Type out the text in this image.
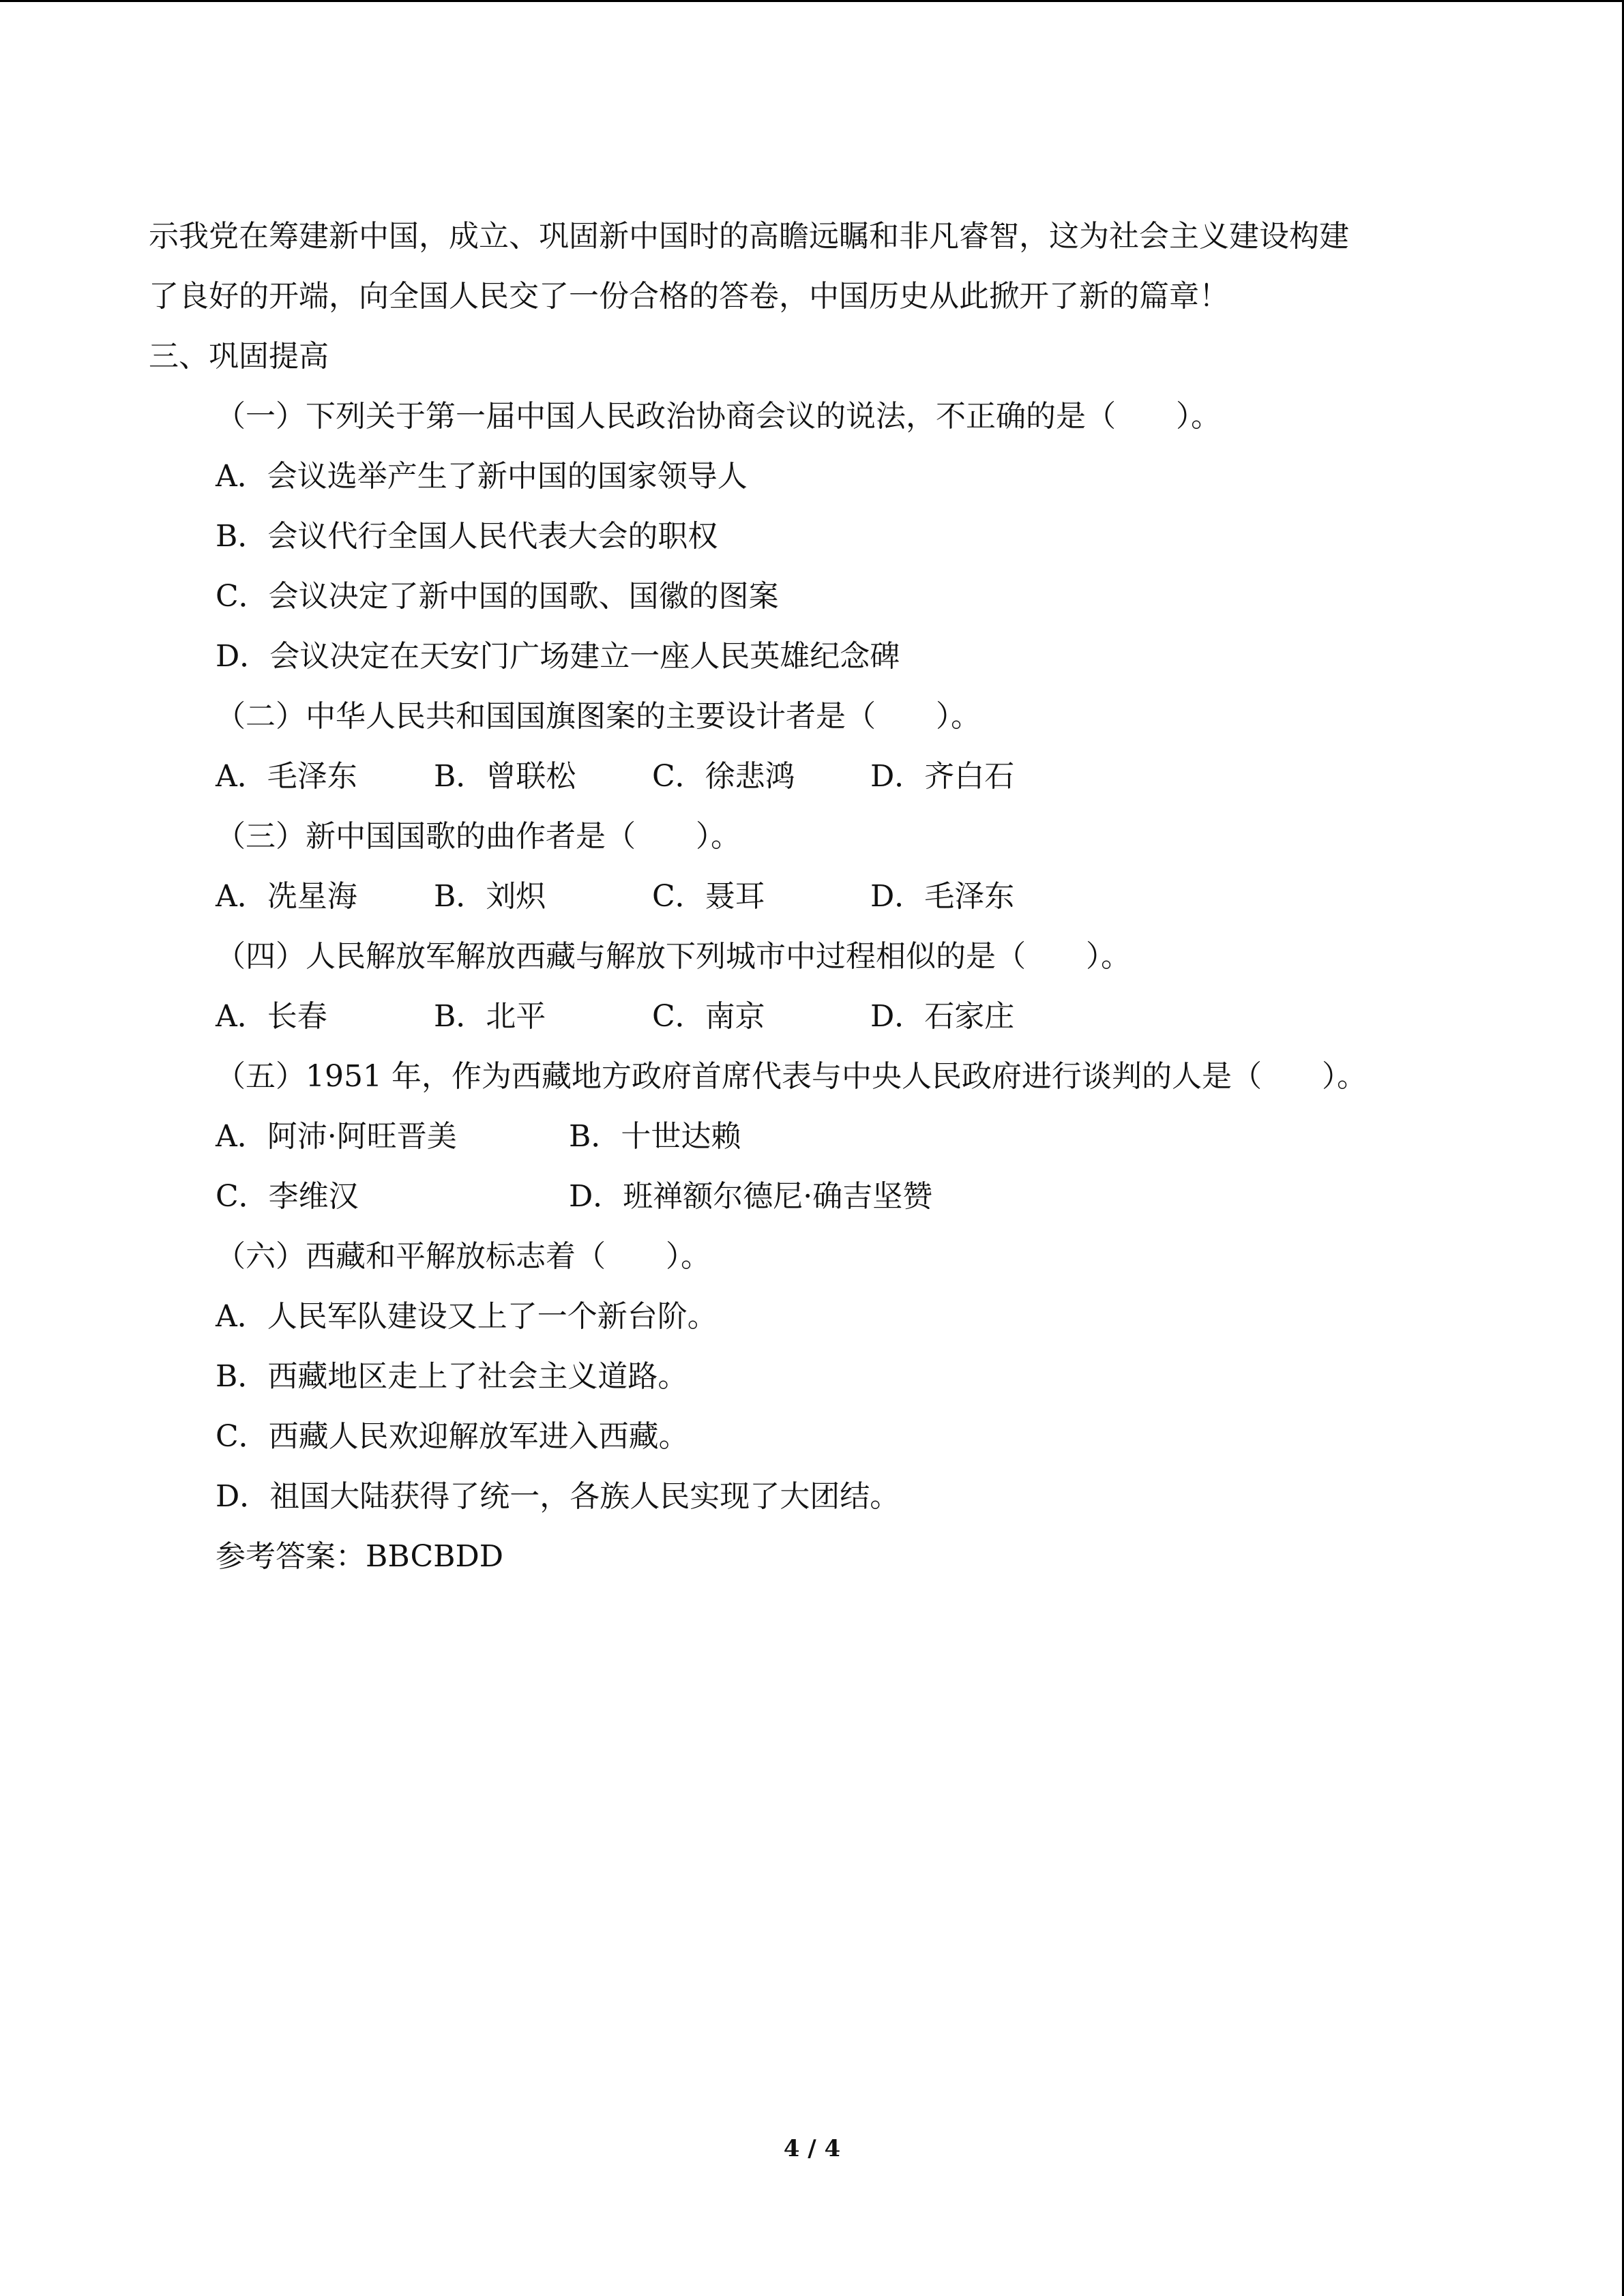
示我党在筹建新中国，成立、巩固新中国时的高瞻远瞩和非凡睿智，这为社会主义建设构建
了良好的开端，向全国人民交了一份合格的答卷，中国历史从此掀开了新的篇章！
三、巩固提高
（一）下列关于第一届中国人民政治协商会议的说法，不正确的是（　　）。
A．会议选举产生了新中国的国家领导人
B．会议代行全国人民代表大会的职权
C．会议决定了新中国的国歌、国徽的图案
D．会议决定在天安门广场建立一座人民英雄纪念碑
（二）中华人民共和国国旗图案的主要设计者是（　　）。
A．毛泽东	B．曾联松	C．徐悲鸿	D．齐白石
（三）新中国国歌的曲作者是（　　）。
A．冼星海	B．刘炽	C．聂耳	D．毛泽东
（四）人民解放军解放西藏与解放下列城市中过程相似的是（　　）。
A．长春	B．北平	C．南京	D．石家庄
（五）1951 年，作为西藏地方政府首席代表与中央人民政府进行谈判的人是（　　）。
A．阿沛·阿旺晋美	B．十世达赖
C．李维汉	D．班禅额尔德尼·确吉坚赞
（六）西藏和平解放标志着（　　）。
A．人民军队建设又上了一个新台阶。
B．西藏地区走上了社会主义道路。
C．西藏人民欢迎解放军进入西藏。
D．祖国大陆获得了统一，各族人民实现了大团结。
参考答案：BBCBDD
4 / 4
